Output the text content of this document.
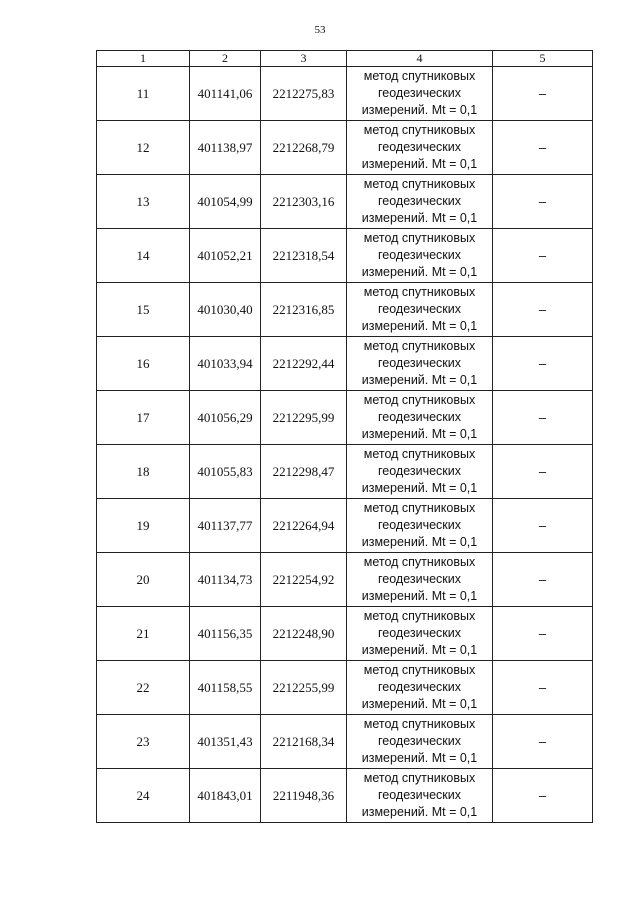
53
1	2	3	4	5
11	401141,06	2212275,83	метод спутниковых
геодезических
измерений. Mt = 0,1	–
12	401138,97	2212268,79	метод спутниковых
геодезических
измерений. Mt = 0,1	–
13	401054,99	2212303,16	метод спутниковых
геодезических
измерений. Mt = 0,1	–
14	401052,21	2212318,54	метод спутниковых
геодезических
измерений. Mt = 0,1	–
15	401030,40	2212316,85	метод спутниковых
геодезических
измерений. Mt = 0,1	–
16	401033,94	2212292,44	метод спутниковых
геодезических
измерений. Mt = 0,1	–
17	401056,29	2212295,99	метод спутниковых
геодезических
измерений. Mt = 0,1	–
18	401055,83	2212298,47	метод спутниковых
геодезических
измерений. Mt = 0,1	–
19	401137,77	2212264,94	метод спутниковых
геодезических
измерений. Mt = 0,1	–
20	401134,73	2212254,92	метод спутниковых
геодезических
измерений. Mt = 0,1	–
21	401156,35	2212248,90	метод спутниковых
геодезических
измерений. Mt = 0,1	–
22	401158,55	2212255,99	метод спутниковых
геодезических
измерений. Mt = 0,1	–
23	401351,43	2212168,34	метод спутниковых
геодезических
измерений. Mt = 0,1	–
24	401843,01	2211948,36	метод спутниковых
геодезических
измерений. Mt = 0,1	–
